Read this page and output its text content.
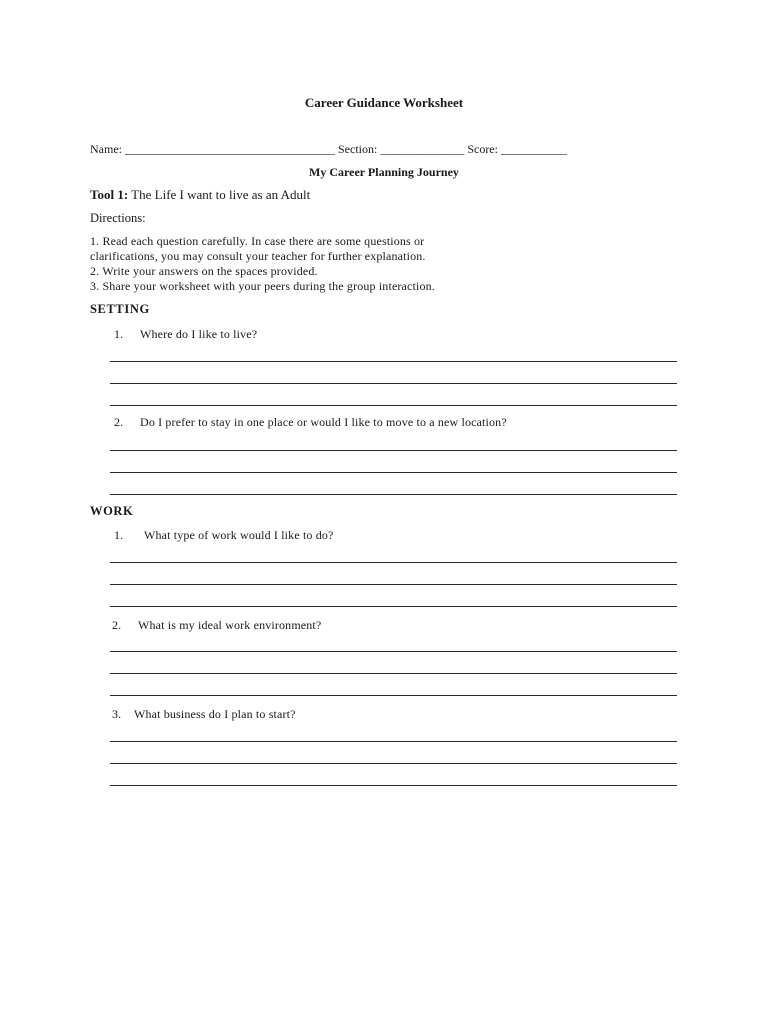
Career Guidance Worksheet
Name: ___________________________________ Section: ______________ Score: ___________
My Career Planning Journey
Tool 1: The Life I want to live as an Adult
Directions:
1. Read each question carefully. In case there are some questions or
clarifications, you may consult your teacher for further explanation.
2. Write your answers on the spaces provided.
3. Share your worksheet with your peers during the group interaction.
SETTING
1. Where do I like to live?
2. Do I prefer to stay in one place or would I like to move to a new location?
WORK
1. What type of work would I like to do?
2. What is my ideal work environment?
3. What business do I plan to start?
